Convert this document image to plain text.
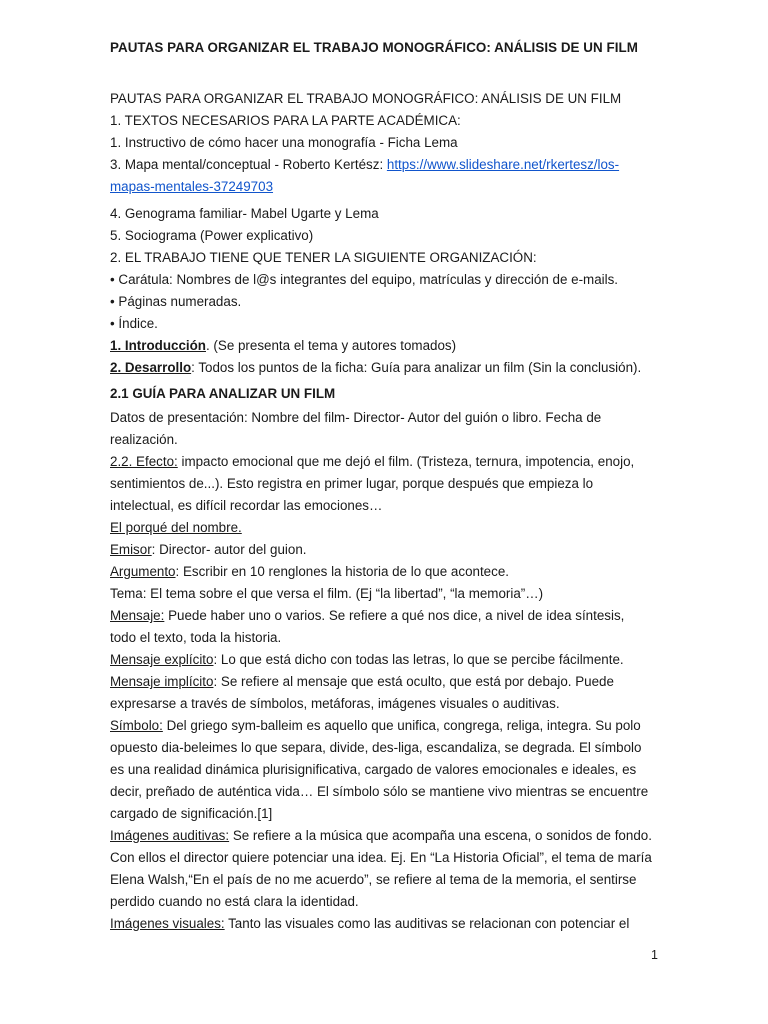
PAUTAS PARA ORGANIZAR EL TRABAJO MONOGRÁFICO: ANÁLISIS DE UN FILM
PAUTAS PARA ORGANIZAR EL TRABAJO MONOGRÁFICO: ANÁLISIS DE UN FILM
1. TEXTOS NECESARIOS PARA LA PARTE ACADÉMICA:
1. Instructivo de cómo hacer una monografía - Ficha Lema
3. Mapa mental/conceptual - Roberto Kertész: https://www.slideshare.net/rkertesz/los-
mapas-mentales-37249703
4. Genograma familiar- Mabel Ugarte y Lema
5. Sociograma (Power explicativo)
2. EL TRABAJO TIENE QUE TENER LA SIGUIENTE ORGANIZACIÓN:
• Carátula: Nombres de l@s integrantes del equipo, matrículas y dirección de e-mails.
• Páginas numeradas.
• Índice.
1. Introducción. (Se presenta el tema y autores tomados)
2. Desarrollo: Todos los puntos de la ficha: Guía para analizar un film (Sin la conclusión).
2.1 GUÍA PARA ANALIZAR UN FILM
Datos de presentación: Nombre del film- Director- Autor del guión o libro. Fecha de
realización.
2.2. Efecto: impacto emocional que me dejó el film. (Tristeza, ternura, impotencia, enojo,
sentimientos de...). Esto registra en primer lugar, porque después que empieza lo
intelectual, es difícil recordar las emociones…
El porqué del nombre.
Emisor: Director- autor del guion.
Argumento: Escribir en 10 renglones la historia de lo que acontece.
Tema: El tema sobre el que versa el film. (Ej “la libertad”, “la memoria”…)
Mensaje: Puede haber uno o varios. Se refiere a qué nos dice, a nivel de idea síntesis,
todo el texto, toda la historia.
Mensaje explícito: Lo que está dicho con todas las letras, lo que se percibe fácilmente.
Mensaje implícito: Se refiere al mensaje que está oculto, que está por debajo. Puede
expresarse a través de símbolos, metáforas, imágenes visuales o auditivas.
Símbolo: Del griego sym-balleim es aquello que unifica, congrega, religa, integra. Su polo
opuesto dia-beleimes lo que separa, divide, des-liga, escandaliza, se degrada. El símbolo
es una realidad dinámica plurisignificativa, cargado de valores emocionales e ideales, es
decir, preñado de auténtica vida… El símbolo sólo se mantiene vivo mientras se encuentre
cargado de significación.[1]
Imágenes auditivas: Se refiere a la música que acompaña una escena, o sonidos de fondo.
Con ellos el director quiere potenciar una idea. Ej. En “La Historia Oficial”, el tema de maría
Elena Walsh,“En el país de no me acuerdo”, se refiere al tema de la memoria, el sentirse
perdido cuando no está clara la identidad.
Imágenes visuales: Tanto las visuales como las auditivas se relacionan con potenciar el
1
